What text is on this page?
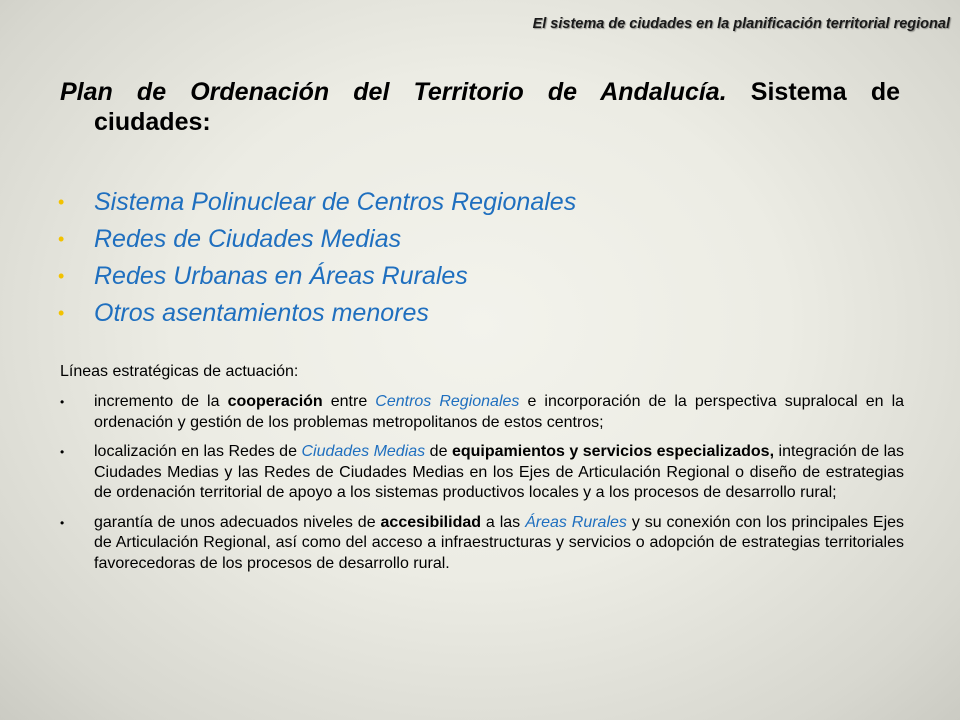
El sistema de ciudades en la planificación territorial regional
Plan de Ordenación del Territorio de Andalucía. Sistema de
ciudades:
• Sistema Polinuclear de Centros Regionales
• Redes de Ciudades Medias
• Redes Urbanas en Áreas Rurales
• Otros asentamientos menores
Líneas estratégicas de actuación:
• incremento de la cooperación entre Centros Regionales e incorporación de la perspectiva supralocal en la ordenación y gestión de los problemas metropolitanos de estos centros;
• localización en las Redes de Ciudades Medias de equipamientos y servicios especializados, integración de las Ciudades Medias y las Redes de Ciudades Medias en los Ejes de Articulación Regional o diseño de estrategias de ordenación territorial de apoyo a los sistemas productivos locales y a los procesos de desarrollo rural;
• garantía de unos adecuados niveles de accesibilidad a las Áreas Rurales y su conexión con los principales Ejes de Articulación Regional, así como del acceso a infraestructuras y servicios o adopción de estrategias territoriales favorecedoras de los procesos de desarrollo rural.
